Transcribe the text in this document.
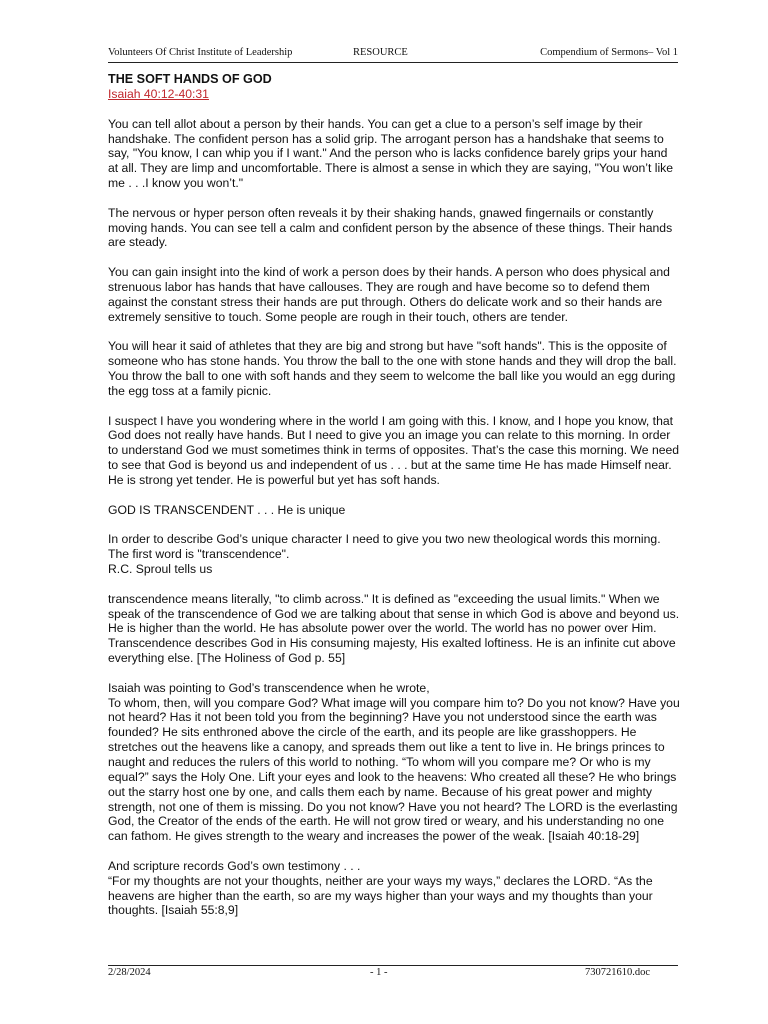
Volunteers Of Christ Institute of Leadership	RESOURCE	Compendium of Sermons– Vol 1

THE SOFT HANDS OF GOD

Isaiah 40:12-40:31

You can tell allot about a person by their hands. You can get a clue to a person’s self image by their handshake. The confident person has a solid grip. The arrogant person has a handshake that seems to say, "You know, I can whip you if I want." And the person who is lacks confidence barely grips your hand at all. They are limp and uncomfortable. There is almost a sense in which they are saying, "You won’t like me . . .I know you won’t."

The nervous or hyper person often reveals it by their shaking hands, gnawed fingernails or constantly moving hands. You can see tell a calm and confident person by the absence of these things. Their hands are steady.

You can gain insight into the kind of work a person does by their hands. A person who does physical and strenuous labor has hands that have callouses. They are rough and have become so to defend them against the constant stress their hands are put through. Others do delicate work and so their hands are extremely sensitive to touch. Some people are rough in their touch, others are tender.

You will hear it said of athletes that they are big and strong but have "soft hands". This is the opposite of someone who has stone hands. You throw the ball to the one with stone hands and they will drop the ball. You throw the ball to one with soft hands and they seem to welcome the ball like you would an egg during the egg toss at a family picnic.

I suspect I have you wondering where in the world I am going with this. I know, and I hope you know, that God does not really have hands. But I need to give you an image you can relate to this morning. In order to understand God we must sometimes think in terms of opposites. That’s the case this morning. We need to see that God is beyond us and independent of us . . . but at the same time He has made Himself near. He is strong yet tender. He is powerful but yet has soft hands.

GOD IS TRANSCENDENT . . . He is unique

In order to describe God’s unique character I need to give you two new theological words this morning. The first word is "transcendence".

R.C. Sproul tells us

transcendence means literally, "to climb across." It is defined as "exceeding the usual limits." When we speak of the transcendence of God we are talking about that sense in which God is above and beyond us. He is higher than the world. He has absolute power over the world. The world has no power over Him. Transcendence describes God in His consuming majesty, His exalted loftiness. He is an infinite cut above everything else. [The Holiness of God p. 55]

Isaiah was pointing to God’s transcendence when he wrote,

To whom, then, will you compare God? What image will you compare him to? Do you not know? Have you not heard? Has it not been told you from the beginning? Have you not understood since the earth was founded? He sits enthroned above the circle of the earth, and its people are like grasshoppers. He stretches out the heavens like a canopy, and spreads them out like a tent to live in. He brings princes to naught and reduces the rulers of this world to nothing. “To whom will you compare me? Or who is my equal?” says the Holy One. Lift your eyes and look to the heavens: Who created all these? He who brings out the starry host one by one, and calls them each by name. Because of his great power and mighty strength, not one of them is missing. Do you not know? Have you not heard? The LORD is the everlasting God, the Creator of the ends of the earth. He will not grow tired or weary, and his understanding no one can fathom. He gives strength to the weary and increases the power of the weak. [Isaiah 40:18-29]

And scripture records God’s own testimony . . .

“For my thoughts are not your thoughts, neither are your ways my ways,” declares the LORD. “As the heavens are higher than the earth, so are my ways higher than your ways and my thoughts than your thoughts. [Isaiah 55:8,9]

2/28/2024	- 1 -	730721610.doc
